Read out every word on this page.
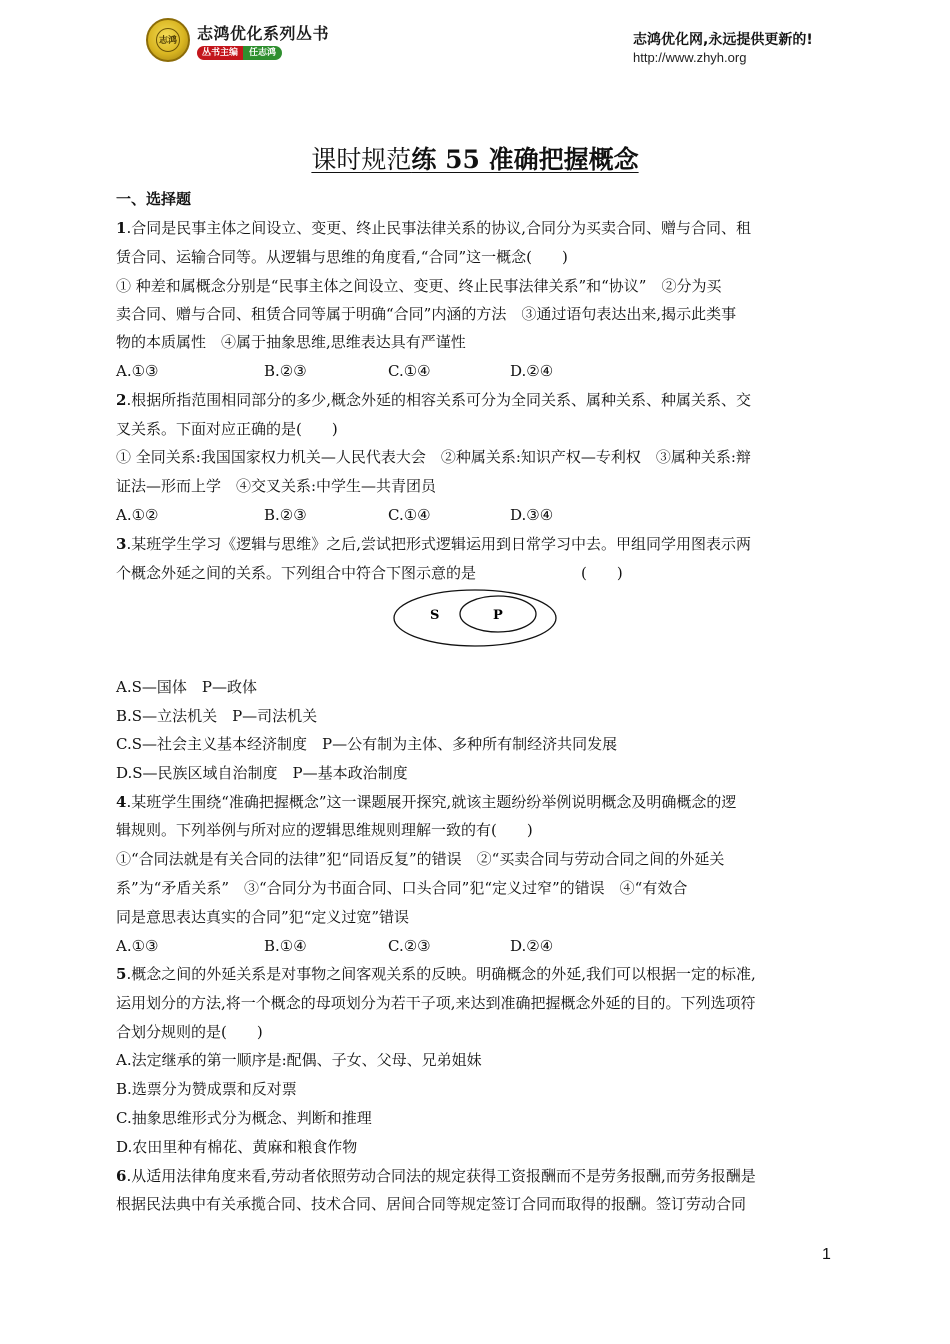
志鸿	志鸿优化系列丛书
丛书主编	任志鸿
志鸿优化网,永远提供更新的!
http://www.zhyh.org
课时规范练 55 准确把握概念
一、选择题
1.合同是民事主体之间设立、变更、终止民事法律关系的协议,合同分为买卖合同、赠与合同、租
赁合同、运输合同等。从逻辑与思维的角度看,“合同”这一概念(　　)
① 种差和属概念分别是“民事主体之间设立、变更、终止民事法律关系”和“协议”　②分为买
卖合同、赠与合同、租赁合同等属于明确“合同”内涵的方法　③通过语句表达出来,揭示此类事
物的本质属性　④属于抽象思维,思维表达具有严谨性
A.①③	B.②③	C.①④	D.②④
2.根据所指范围相同部分的多少,概念外延的相容关系可分为全同关系、属种关系、种属关系、交
叉关系。下面对应正确的是(　　)
① 全同关系:我国国家权力机关—人民代表大会　②种属关系:知识产权—专利权　③属种关系:辩
证法—形而上学　④交叉关系:中学生—共青团员
A.①②	B.②③	C.①④	D.③④
3.某班学生学习《逻辑与思维》之后,尝试把形式逻辑运用到日常学习中去。甲组同学用图表示两
个概念外延之间的关系。下列组合中符合下图示意的是　　　　　　　(　　)
S	P
A.S—国体　P—政体
B.S—立法机关　P—司法机关
C.S—社会主义基本经济制度　P—公有制为主体、多种所有制经济共同发展
D.S—民族区域自治制度　P—基本政治制度
4.某班学生围绕“准确把握概念”这一课题展开探究,就该主题纷纷举例说明概念及明确概念的逻
辑规则。下列举例与所对应的逻辑思维规则理解一致的有(　　)
①“合同法就是有关合同的法律”犯“同语反复”的错误　②“买卖合同与劳动合同之间的外延关
系”为“矛盾关系”　③“合同分为书面合同、口头合同”犯“定义过窄”的错误　④“有效合
同是意思表达真实的合同”犯“定义过宽”错误
A.①③	B.①④	C.②③	D.②④
5.概念之间的外延关系是对事物之间客观关系的反映。明确概念的外延,我们可以根据一定的标准,
运用划分的方法,将一个概念的母项划分为若干子项,来达到准确把握概念外延的目的。下列选项符
合划分规则的是(　　)
A.法定继承的第一顺序是:配偶、子女、父母、兄弟姐妹
B.选票分为赞成票和反对票
C.抽象思维形式分为概念、判断和推理
D.农田里种有棉花、黄麻和粮食作物
6.从适用法律角度来看,劳动者依照劳动合同法的规定获得工资报酬而不是劳务报酬,而劳务报酬是
根据民法典中有关承揽合同、技术合同、居间合同等规定签订合同而取得的报酬。签订劳动合同
1
